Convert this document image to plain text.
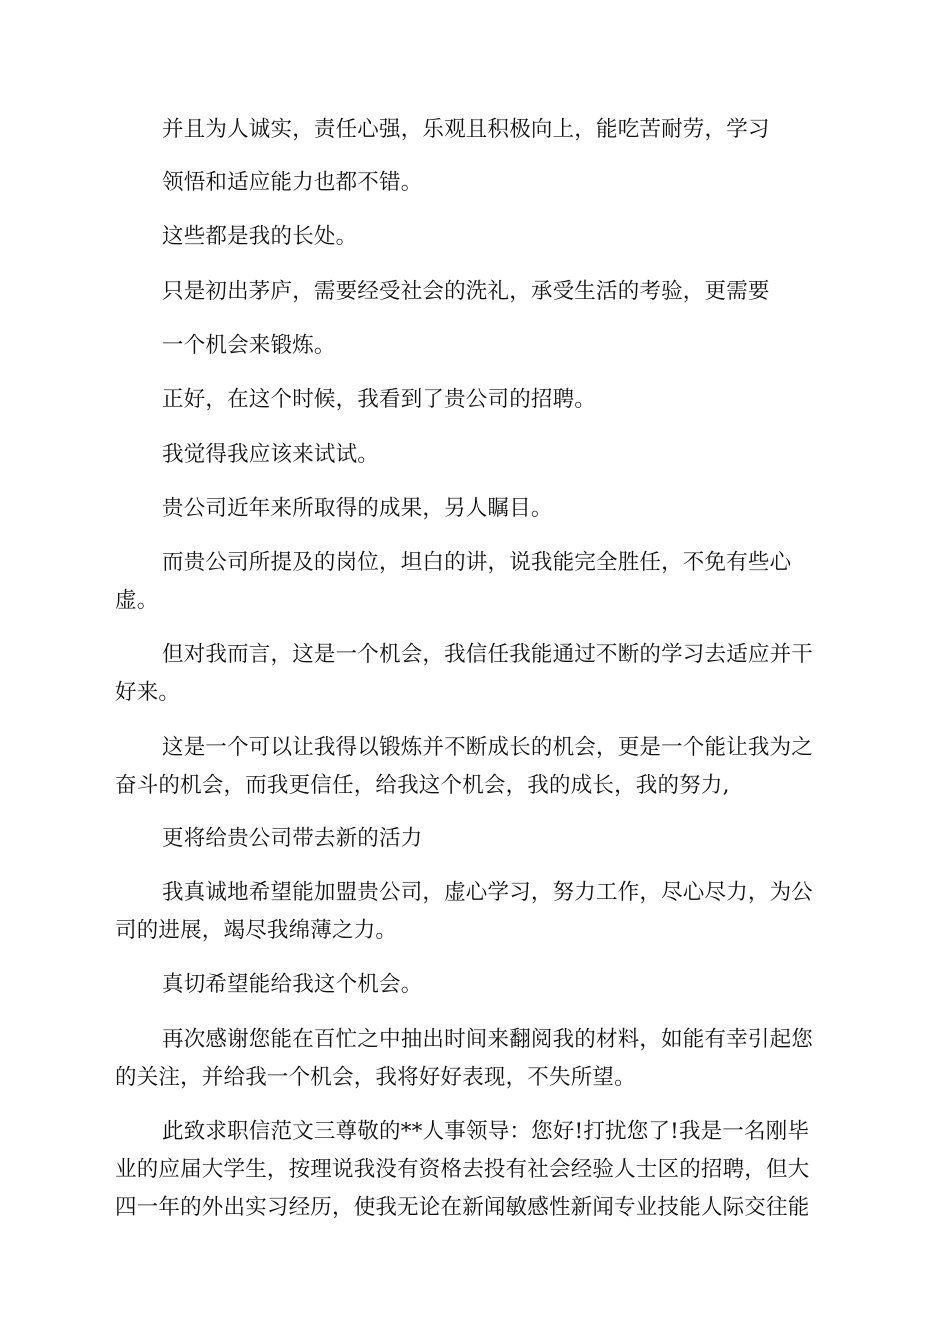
并且为人诚实，责任心强，乐观且积极向上，能吃苦耐劳，学习
领悟和适应能力也都不错。
这些都是我的长处。
只是初出茅庐，需要经受社会的洗礼，承受生活的考验，更需要
一个机会来锻炼。
正好，在这个时候，我看到了贵公司的招聘。
我觉得我应该来试试。
贵公司近年来所取得的成果，另人瞩目。
而贵公司所提及的岗位，坦白的讲，说我能完全胜任，不免有些心
虚。
但对我而言，这是一个机会，我信任我能通过不断的学习去适应并干
好来。
这是一个可以让我得以锻炼并不断成长的机会，更是一个能让我为之
奋斗的机会，而我更信任，给我这个机会，我的成长，我的努力,
更将给贵公司带去新的活力
我真诚地希望能加盟贵公司，虚心学习，努力工作，尽心尽力，为公
司的进展，竭尽我绵薄之力。
真切希望能给我这个机会。
再次感谢您能在百忙之中抽出时间来翻阅我的材料，如能有幸引起您
的关注，并给我一个机会，我将好好表现，不失所望。
此致求职信范文三尊敬的**人事领导：您好!打扰您了!我是一名刚毕
业的应届大学生，按理说我没有资格去投有社会经验人士区的招聘，但大
四一年的外出实习经历，使我无论在新闻敏感性新闻专业技能人际交往能
